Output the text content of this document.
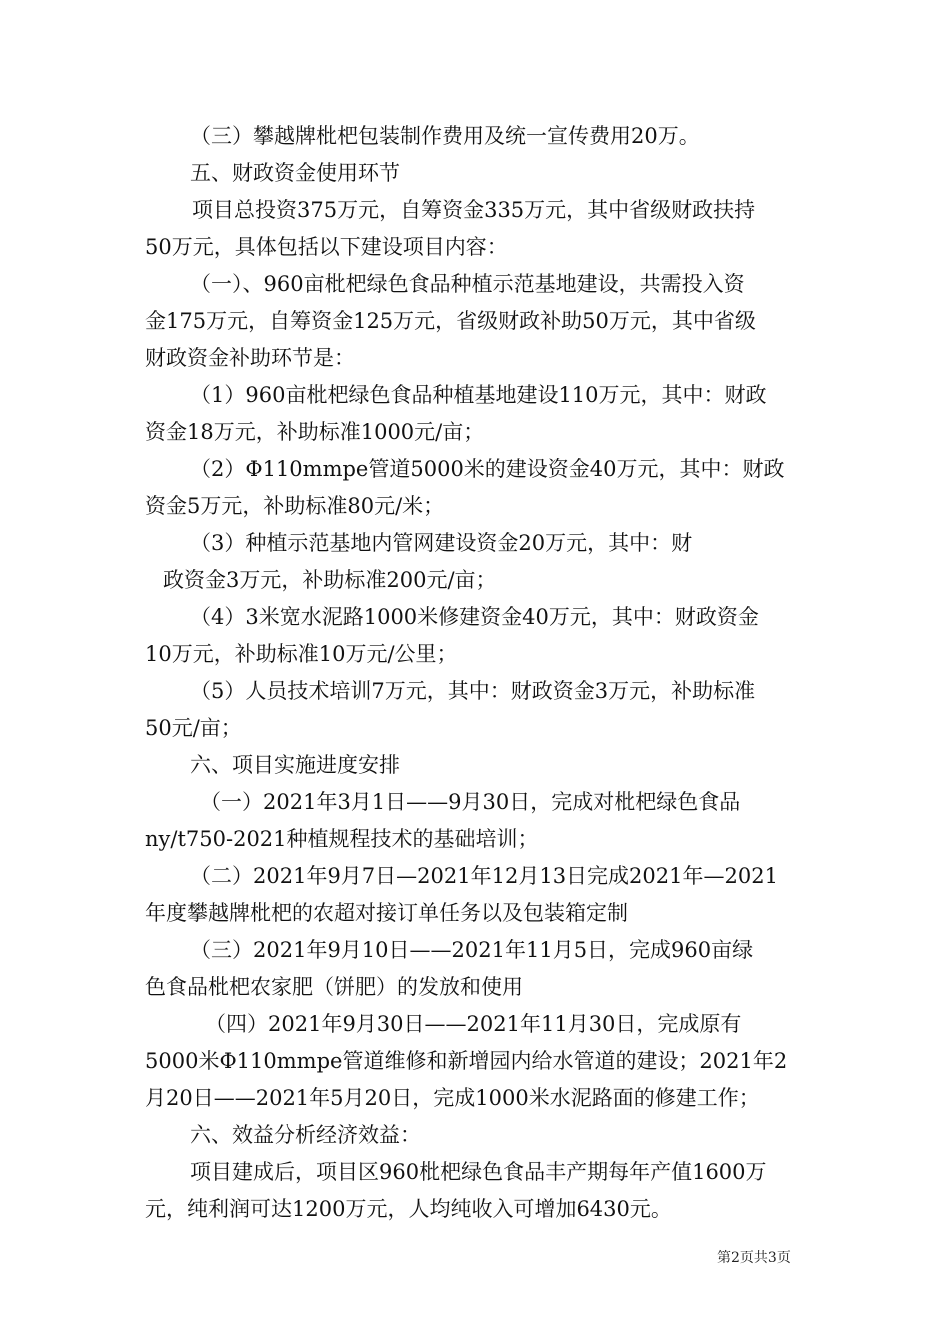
（三）攀越牌枇杷包装制作费用及统一宣传费用20万。
五、财政资金使用环节
项目总投资375万元，自筹资金335万元，其中省级财政扶持
50万元，具体包括以下建设项目内容：
（一）、960亩枇杷绿色食品种植示范基地建设，共需投入资
金175万元，自筹资金125万元，省级财政补助50万元，其中省级
财政资金补助环节是：
（1）960亩枇杷绿色食品种植基地建设110万元，其中：财政
资金18万元，补助标准1000元/亩；
（2）Φ110mmpe管道5000米的建设资金40万元，其中：财政
资金5万元，补助标准80元/米；
（3）种植示范基地内管网建设资金20万元，其中：财
政资金3万元，补助标准200元/亩；
（4）3米宽水泥路1000米修建资金40万元，其中：财政资金
10万元，补助标准10万元/公里；
（5）人员技术培训7万元，其中：财政资金3万元，补助标准
50元/亩；
六、项目实施进度安排
（一）2021年3月1日——9月30日，完成对枇杷绿色食品
ny/t750-2021种植规程技术的基础培训；
（二）2021年9月7日—2021年12月13日完成2021年—2021
年度攀越牌枇杷的农超对接订单任务以及包装箱定制
（三）2021年9月10日——2021年11月5日，完成960亩绿
色食品枇杷农家肥（饼肥）的发放和使用
（四）2021年9月30日——2021年11月30日，完成原有
5000米Φ110mmpe管道维修和新增园内给水管道的建设；2021年2
月20日——2021年5月20日，完成1000米水泥路面的修建工作；
六、效益分析经济效益：
项目建成后，项目区960枇杷绿色食品丰产期每年产值1600万
元，纯利润可达1200万元，人均纯收入可增加6430元。
第2页共3页
